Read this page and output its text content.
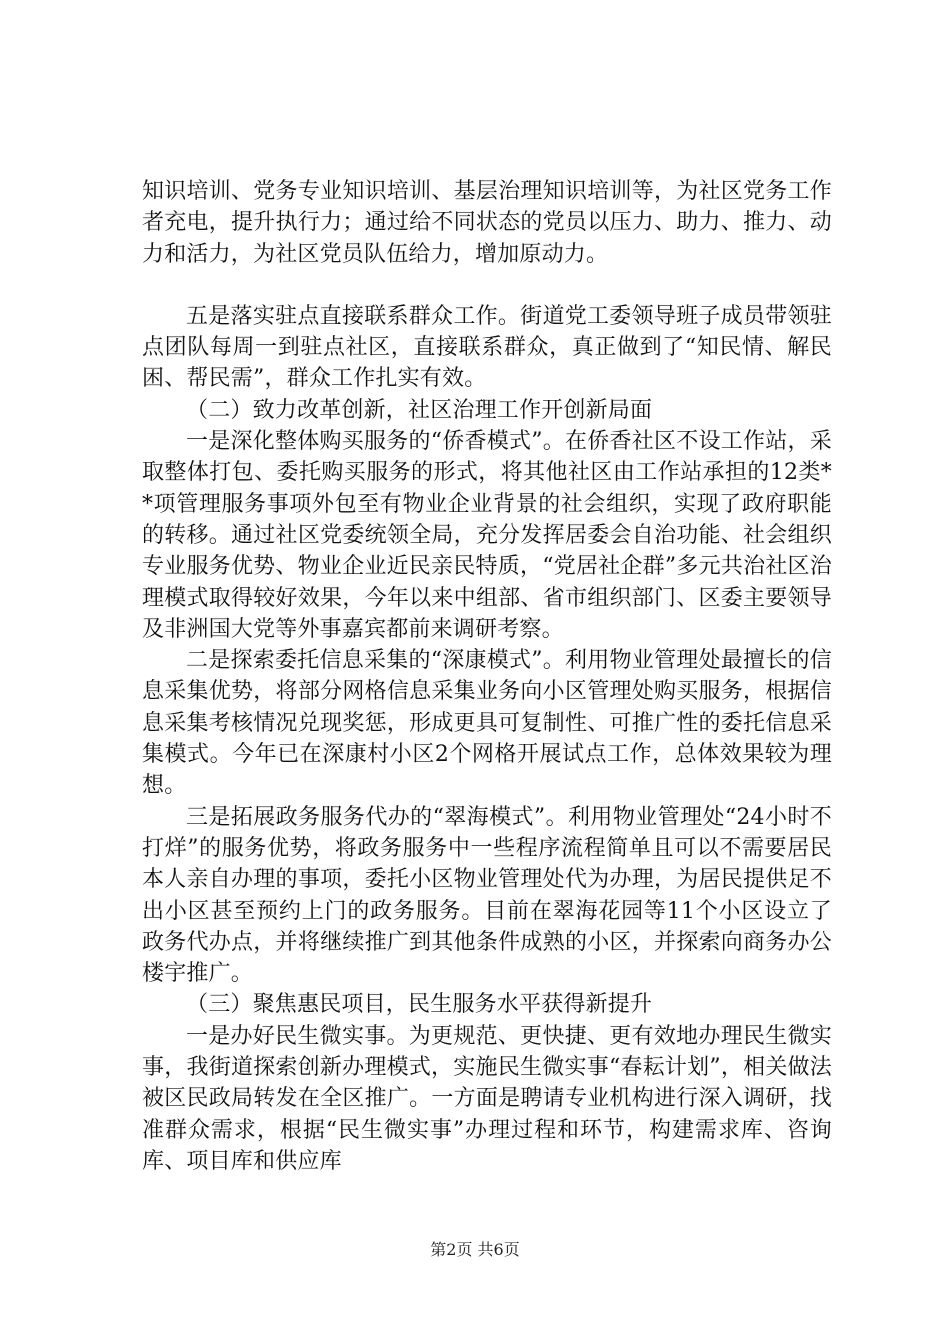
知识培训、党务专业知识培训、基层治理知识培训等，为社区党务工作者充电，提升执行力；通过给不同状态的党员以压力、助力、推力、动力和活力，为社区党员队伍给力，增加原动力。

五是落实驻点直接联系群众工作。街道党工委领导班子成员带领驻点团队每周一到驻点社区，直接联系群众，真正做到了“知民情、解民困、帮民需”，群众工作扎实有效。

（二）致力改革创新，社区治理工作开创新局面

一是深化整体购买服务的“侨香模式”。在侨香社区不设工作站，采取整体打包、委托购买服务的形式，将其他社区由工作站承担的12类**项管理服务事项外包至有物业企业背景的社会组织，实现了政府职能的转移。通过社区党委统领全局，充分发挥居委会自治功能、社会组织专业服务优势、物业企业近民亲民特质，“党居社企群”多元共治社区治理模式取得较好效果，今年以来中组部、省市组织部门、区委主要领导及非洲国大党等外事嘉宾都前来调研考察。

二是探索委托信息采集的“深康模式”。利用物业管理处最擅长的信息采集优势，将部分网格信息采集业务向小区管理处购买服务，根据信息采集考核情况兑现奖惩，形成更具可复制性、可推广性的委托信息采集模式。今年已在深康村小区2个网格开展试点工作，总体效果较为理想。

三是拓展政务服务代办的“翠海模式”。利用物业管理处“24小时不打烊”的服务优势，将政务服务中一些程序流程简单且可以不需要居民本人亲自办理的事项，委托小区物业管理处代为办理，为居民提供足不出小区甚至预约上门的政务服务。目前在翠海花园等11个小区设立了政务代办点，并将继续推广到其他条件成熟的小区，并探索向商务办公楼宇推广。

（三）聚焦惠民项目，民生服务水平获得新提升

一是办好民生微实事。为更规范、更快捷、更有效地办理民生微实事，我街道探索创新办理模式，实施民生微实事“春耘计划”，相关做法被区民政局转发在全区推广。一方面是聘请专业机构进行深入调研，找准群众需求，根据“民生微实事”办理过程和环节，构建需求库、咨询库、项目库和供应库

第2页 共6页
